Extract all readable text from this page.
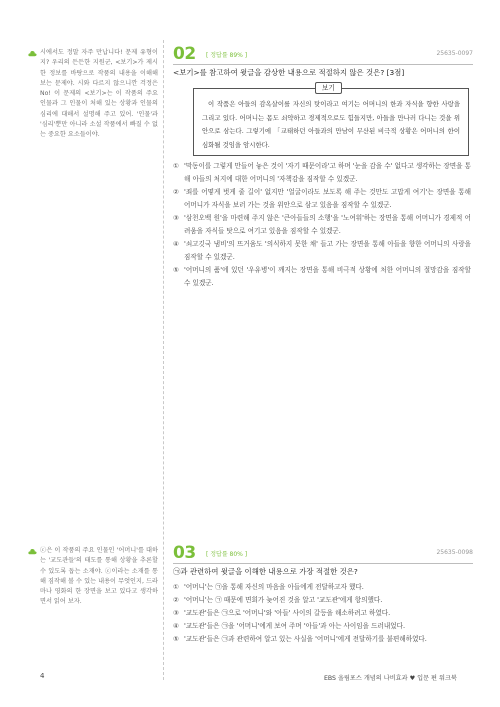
시에서도 정말 자주 만납니다! 문제 유형이지? 우리의 든든한 지원군, <보기>가 제시한 정보를 바탕으로 작품의 내용을 이해해 보는 문제야. 시와 다르지 않으니깐 걱정은 No! 이 문제의 <보기>는 이 작품의 주요 인물과 그 인물이 처해 있는 상황과 인물의 심리에 대해서 설명해 주고 있어. '인물'과 '심리'뿐만 아니라 소설 작품에서 빠질 수 없는 중요한 요소들이야.
ⓒ은 이 작품의 주요 인물인 '어머니'를 대하는 '교도관들'의 태도를 통해 상황을 추론할 수 있도록 돕는 소재야. ⓒ이라는 소재를 통해 짐작해 볼 수 있는 내용이 무엇인지, 드라마나 영화의 한 장면을 보고 있다고 생각하면서 읽어 보자.
02 [ 정답률 89% ]	25635-0097
<보기>를 참고하여 윗글을 감상한 내용으로 적절하지 않은 것은? [3점]
보기
이 작품은 아들의 감옥살이를 자신의 탓이라고 여기는 어머니의 한과 자식을 향한 사랑을 그리고 있다. 어머니는 몸도 쇠약하고 경제적으로도 힘들지만, 아들을 만나러 다니는 것을 위안으로 삼는다. 그렇기에 「교태하던 아들과의 만남이 무산된 비극적 상황은 어머니의 한이 심화될 것임을 암시한다.
① '막동이를 그렇게 만들어 놓은 것이 '자기 때문이라'고 하며 '눈을 감을 수' 없다고 생각하는 장면을 통해 아들의 처지에 대한 어머니의 '자책감을 짐작할 수 있겠군.
② '죄를 어떻게 벗게 줄 길이' 없지만 '얼굴이라도 보도록 해 주는 것만도 고맙게 여기'는 장면을 통해 어머니가 자식을 보러 가는 것을 위안으로 삼고 있음을 짐작할 수 있겠군.
③ '삼천오백 원'을 마련해 주지 않은 '큰아들들의 소행'을 '노여워'하는 장면을 통해 어머니가 경제적 어려움을 자식들 탓으로 여기고 있음을 짐작할 수 있겠군.
④ '쇠고깃국 냄비'의 뜨거움도 '의식하지 못한 채' 들고 가는 장면을 통해 아들을 향한 어머니의 사랑을 짐작할 수 있겠군.
⑤ '어머니의 품'에 있던 '우유병'이 깨지는 장면을 통해 비극적 상황에 처한 어머니의 절망감을 짐작할 수 있겠군.
03 [ 정답률 80% ]	25635-0098
㉠과 관련하여 윗글을 이해한 내용으로 가장 적절한 것은?
① '어머니'는 ㉠을 통해 자신의 마음을 아들에게 전달하고자 했다.
② '어머니'는 ㉠ 때문에 면회가 늦어진 것을 알고 '교도관'에게 항의했다.
③ '교도관'들은 ㉠으로 '어머니'와 '아들' 사이의 갈등을 해소하려고 하였다.
④ '교도관'들은 ㉠을 '어머니'에게 보여 주며 '아들'과 아는 사이임을 드러내었다.
⑤ '교도관'들은 ㉠과 관련하여 알고 있는 사실을 '어머니'에게 전달하기를 불편해하였다.
4	EBS 올림포스 개념의 나비효과 ♥ 입문 편 워크북
